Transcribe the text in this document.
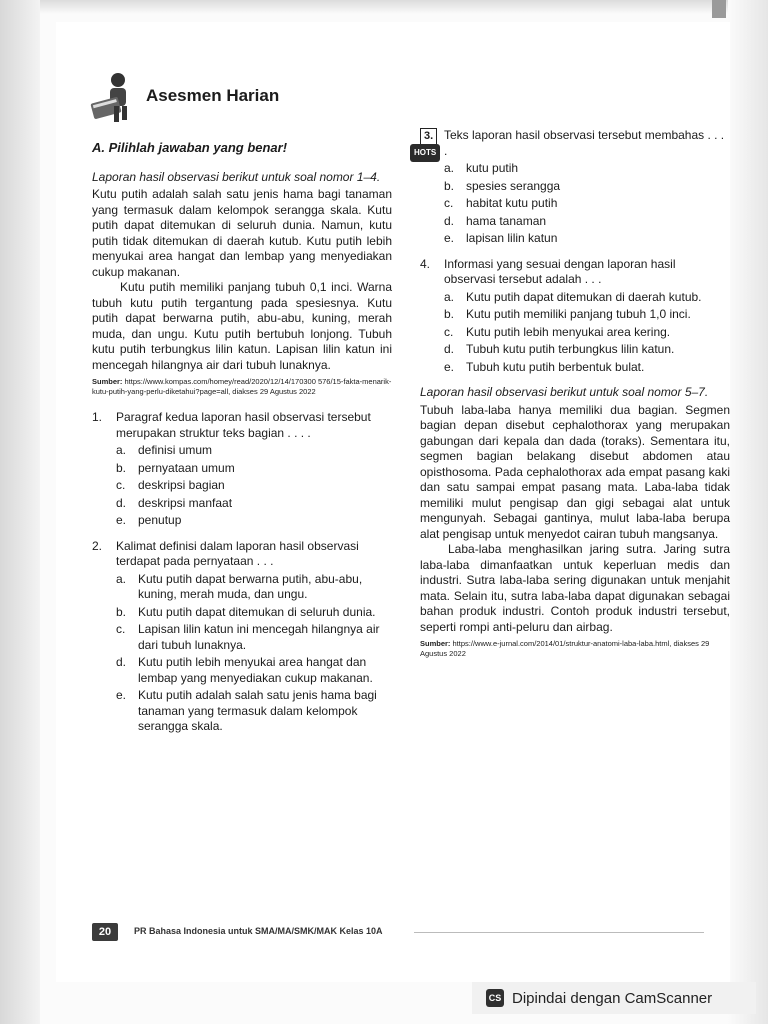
Asesmen Harian
A. Pilihlah jawaban yang benar!
Laporan hasil observasi berikut untuk soal nomor 1–4.

Kutu putih adalah salah satu jenis hama bagi tanaman yang termasuk dalam kelompok serangga skala. Kutu putih dapat ditemukan di seluruh dunia. Namun, kutu putih tidak ditemukan di daerah kutub. Kutu putih lebih menyukai area hangat dan lembap yang menyediakan cukup makanan.

Kutu putih memiliki panjang tubuh 0,1 inci. Warna tubuh kutu putih tergantung pada spesiesnya. Kutu putih dapat berwarna putih, abu-abu, kuning, merah muda, dan ungu. Kutu putih bertubuh lonjong. Tubuh kutu putih terbungkus lilin katun. Lapisan lilin katun ini mencegah hilangnya air dari tubuh lunaknya.

Sumber: https://www.kompas.com/homey/read/2020/12/14/170300 576/15-fakta-menarik-kutu-putih-yang-perlu-diketahui?page=all, diakses 29 Agustus 2022
1.	Paragraf kedua laporan hasil observasi tersebut merupakan struktur teks bagian . . . .
a. definisi umum
b. pernyataan umum
c.	deskripsi bagian
d. deskripsi manfaat
e. penutup
2.	Kalimat definisi dalam laporan hasil observasi terdapat pada pernyataan . . .
a. Kutu putih dapat berwarna putih, abu-abu, kuning, merah muda, dan ungu.
b. Kutu putih dapat ditemukan di seluruh dunia.
c.	Lapisan lilin katun ini mencegah hilangnya air dari tubuh lunaknya.
d. Kutu putih lebih menyukai area hangat dan lembap yang menyediakan cukup makanan.
e. Kutu putih adalah salah satu jenis hama bagi tanaman yang termasuk dalam kelompok serangga skala.
3.
HOTS
Teks laporan hasil observasi tersebut membahas . . . .
a. kutu putih
b. spesies serangga
c.	habitat kutu putih
d. hama tanaman
e. lapisan lilin katun
4.	Informasi yang sesuai dengan laporan hasil observasi tersebut adalah . . .
a. Kutu putih dapat ditemukan di daerah kutub.
b. Kutu putih memiliki panjang tubuh 1,0 inci.
c.	Kutu putih lebih menyukai area kering.
d. Tubuh kutu putih terbungkus lilin katun.
e. Tubuh kutu putih berbentuk bulat.
Laporan hasil observasi berikut untuk soal nomor 5–7.

Tubuh laba-laba hanya memiliki dua bagian. Segmen bagian depan disebut cephalothorax yang merupakan gabungan dari kepala dan dada (toraks). Sementara itu, segmen bagian belakang disebut abdomen atau opisthosoma. Pada cephalothorax ada empat pasang kaki dan satu sampai empat pasang mata. Laba-laba tidak memiliki mulut pengisap dan gigi sebagai alat untuk mengunyah. Sebagai gantinya, mulut laba-laba berupa alat pengisap untuk menyedot cairan tubuh mangsanya.

Laba-laba menghasilkan jaring sutra. Jaring sutra laba-laba dimanfaatkan untuk keperluan medis dan industri. Sutra laba-laba sering digunakan untuk menjahit mata. Selain itu, sutra laba-laba dapat digunakan sebagai bahan produk industri. Contoh produk industri tersebut, seperti rompi anti-peluru dan airbag.

Sumber: https://www.e-jurnal.com/2014/01/struktur-anatomi-laba-laba.html, diakses 29 Agustus 2022
20	PR Bahasa Indonesia untuk SMA/MA/SMK/MAK Kelas 10A
CS Dipindai dengan CamScanner
